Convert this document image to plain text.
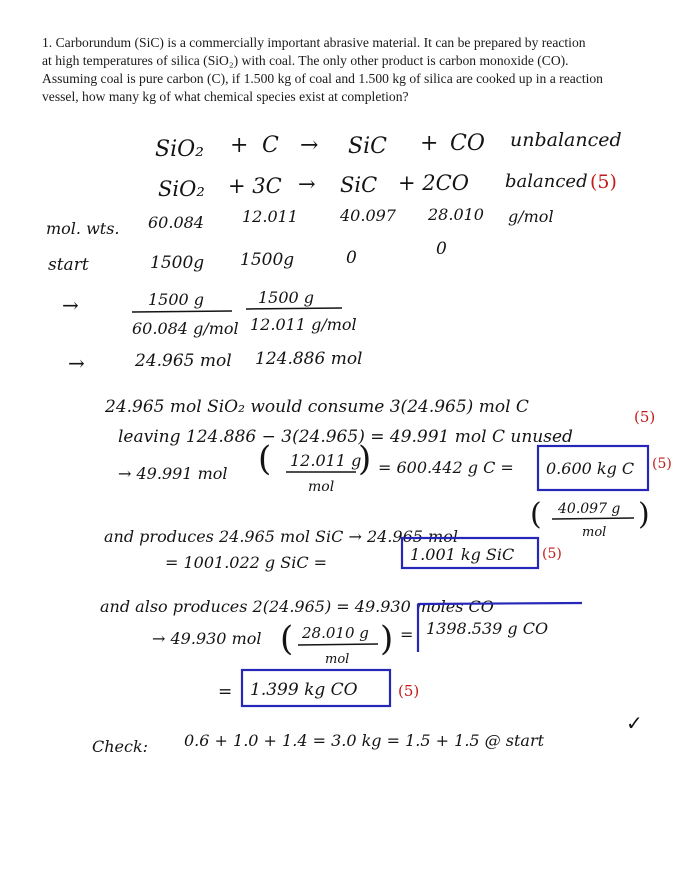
1. Carborundum (SiC) is a commercially important abrasive material. It can be prepared by reaction

at high temperatures of silica (SiO₂) with coal. The only other product is carbon monoxide (CO).

Assuming coal is pure carbon (C), if 1.500 kg of coal and 1.500 kg of silica are cooked up in a reaction

vessel, how many kg of what chemical species exist at completion?

SiO₂ + C → SiC + CO unbalanced
SiO₂ + 3C → SiC + 2CO balanced (5)
mol. wts. 60.084 12.011	40.097 28.010 g/mol
start	1500g 1500g	0	0
→	1500 g
60.084 g/mol
1500 g
12.011 g/mol
→	24.965 mol 124.886 mol
24.965 mol SiO₂ would consume 3(24.965) mol C
leaving 124.886 − 3(24.965) = 49.991 mol C unused
(5)
→ 49.991 mol ( 12.011 g
mol
) = 600.442 g C = 0.600 kg C (5)
and produces 24.965 mol SiC → 24.965 mol
( 40.097 g
mol
)
= 1001.022 g SiC =	1.001 kg SiC (5)
and also produces 2(24.965) = 49.930 moles CO
→ 49.930 mol ( 28.010 g
mol
) = 1398.539 g CO
= 1.399 kg CO	(5)
Check: 0.6 + 1.0 + 1.4 = 3.0 kg = 1.5 + 1.5 @ start
✓
